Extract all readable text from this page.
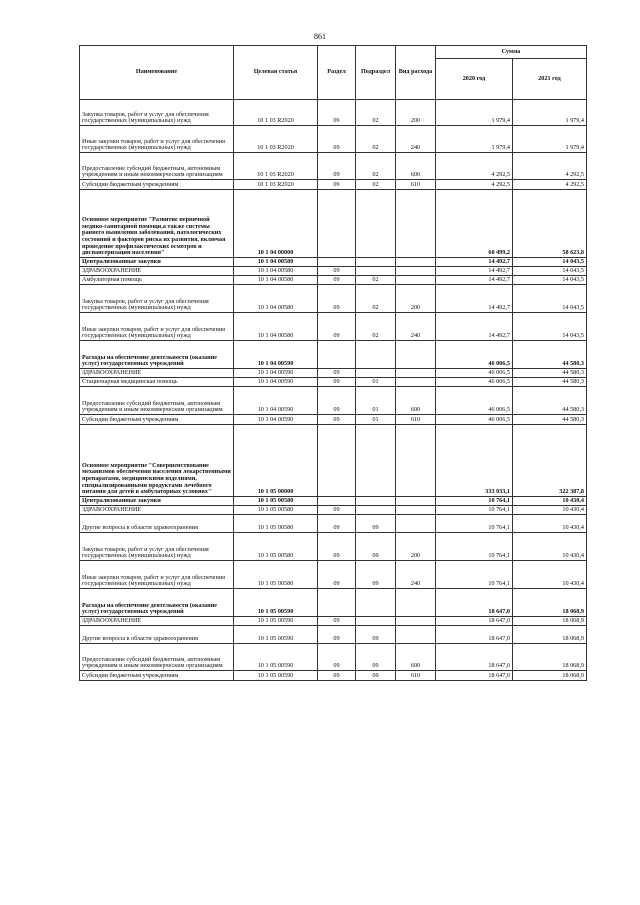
861
Наименование	Целевая статья	Раздел	Подраздел	Вид расхода	Сумма	
					2020 год	2021 год
Закупка товаров, работ и услуг для обеспечения государственных (муниципальных) нужд	10 1 03 R2020	09	02	200	1 979,4	1 979,4
Иные закупки товаров, работ и услуг для обеспечения государственных (муниципальных) нужд	10 1 03 R2020	09	02	240	1 979,4	1 979,4
Предоставление субсидий бюджетным, автономным учреждениям и иным некоммерческим организациям	10 1 03 R2020	09	02	600	4 292,5	4 292,5
Субсидии бюджетным учреждениям	10 1 03 R2020	09	02	610	4 292,5	4 292,5
Основное мероприятие "Развитие первичной медико-санитарной помощи,а также системы раннего выявления заболеваний, патологических состояний и факторов риска их развития, включая проведение профилактических осмотров и диспансеризации населения"	10 1 04 00000				60 499,2	58 623,8
Централизованные закупки	10 1 04 00580				14 492,7	14 043,5
ЗДРАВООХРАНЕНИЕ	10 1 04 00580	09			14 492,7	14 043,5
Амбулаторная помощь	10 1 04 00580	09	02		14 492,7	14 043,5
Закупка товаров, работ и услуг для обеспечения государственных (муниципальных) нужд	10 1 04 00580	09	02	200	14 492,7	14 043,5
Иные закупки товаров, работ и услуг для обеспечения государственных (муниципальных) нужд	10 1 04 00580	09	02	240	14 492,7	14 043,5
Расходы на обеспечение деятельности (оказание услуг) государственных учреждений	10 1 04 00590				46 006,5	44 580,3
ЗДРАВООХРАНЕНИЕ	10 1 04 00590	09			46 006,5	44 580,3
Стационарная медицинская помощь	10 1 04 00590	09	01		46 006,5	44 580,3
Предоставление субсидий бюджетным, автономным учреждениям и иным некоммерческим организациям	10 1 04 00590	09	01	600	46 006,5	44 580,3
Субсидии бюджетным учреждениям	10 1 04 00590	09	01	610	46 006,5	44 580,3
Основное мероприятие "Совершенствование механизмов обеспечения населения лекарственными препаратами, медицинскими изделиями, специализированными продуктами лечебного питания для детей в амбулаторных условиях"	10 1 05 00000				333 033,1	322 387,8
Централизованные закупки	10 1 05 00580				10 764,1	10 430,4
ЗДРАВООХРАНЕНИЕ	10 1 05 00580	09			10 764,1	10 430,4
Другие вопросы в области здравоохранения	10 1 05 00580	09	09		10 764,1	10 430,4
Закупка товаров, работ и услуг для обеспечения государственных (муниципальных) нужд	10 1 05 00580	09	09	200	10 764,1	10 430,4
Иные закупки товаров, работ и услуг для обеспечения государственных (муниципальных) нужд	10 1 05 00580	09	09	240	10 764,1	10 430,4
Расходы на обеспечение деятельности (оказание услуг) государственных учреждений	10 1 05 00590				18 647,0	18 068,9
ЗДРАВООХРАНЕНИЕ	10 1 05 00590	09			18 647,0	18 068,9
Другие вопросы в области здравоохранения	10 1 05 00590	09	09		18 647,0	18 068,9
Предоставление субсидий бюджетным, автономным учреждениям и иным некоммерческим организациям	10 1 05 00590	09	09	600	18 647,0	18 068,9
Субсидии бюджетным учреждениям	10 1 05 00590	09	09	610	18 647,0	18 068,9
